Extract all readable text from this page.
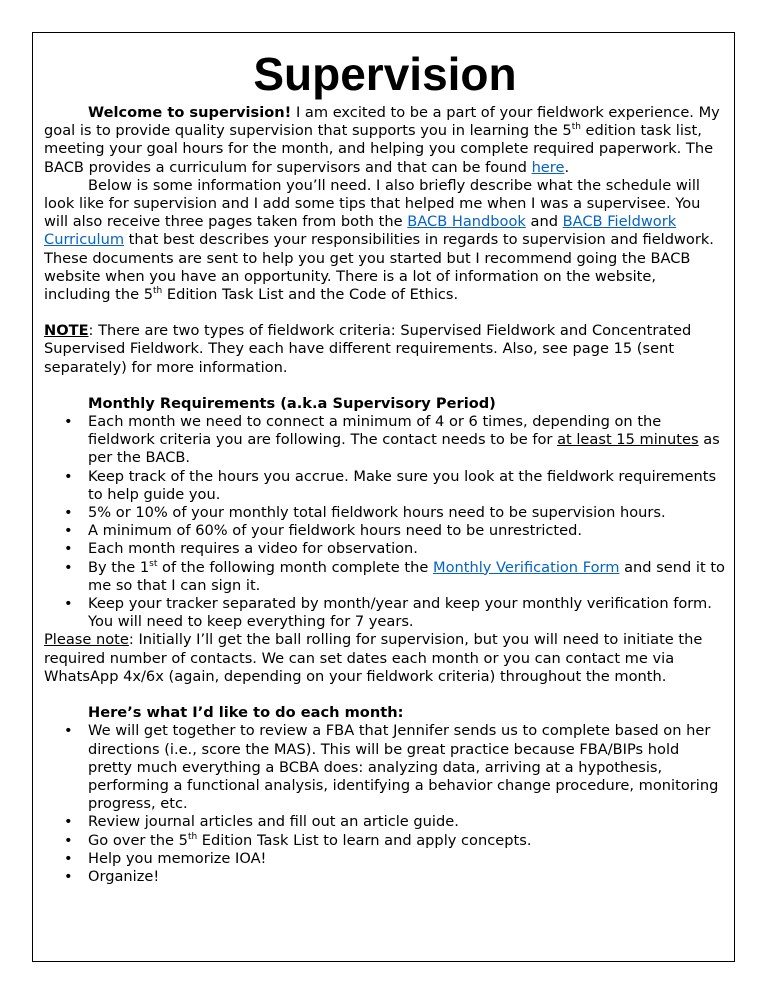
Supervision

Welcome to supervision! I am excited to be a part of your fieldwork experience. My goal is to provide quality supervision that supports you in learning the 5th edition task list, meeting your goal hours for the month, and helping you complete required paperwork. The BACB provides a curriculum for supervisors and that can be found here.

Below is some information you’ll need. I also briefly describe what the schedule will look like for supervision and I add some tips that helped me when I was a supervisee. You will also receive three pages taken from both the BACB Handbook and BACB Fieldwork Curriculum that best describes your responsibilities in regards to supervision and fieldwork. These documents are sent to help you get you started but I recommend going the BACB website when you have an opportunity. There is a lot of information on the website, including the 5th Edition Task List and the Code of Ethics.

NOTE: There are two types of fieldwork criteria: Supervised Fieldwork and Concentrated Supervised Fieldwork. They each have different requirements. Also, see page 15 (sent separately) for more information.

Monthly Requirements (a.k.a Supervisory Period)

• Each month we need to connect a minimum of 4 or 6 times, depending on the fieldwork criteria you are following. The contact needs to be for at least 15 minutes as per the BACB.
• Keep track of the hours you accrue. Make sure you look at the fieldwork requirements to help guide you.
• 5% or 10% of your monthly total fieldwork hours need to be supervision hours.
• A minimum of 60% of your fieldwork hours need to be unrestricted.
• Each month requires a video for observation.
• By the 1st of the following month complete the Monthly Verification Form and send it to me so that I can sign it.
• Keep your tracker separated by month/year and keep your monthly verification form. You will need to keep everything for 7 years.

Please note: Initially I’ll get the ball rolling for supervision, but you will need to initiate the required number of contacts. We can set dates each month or you can contact me via WhatsApp 4x/6x (again, depending on your fieldwork criteria) throughout the month.

Here’s what I’d like to do each month:

• We will get together to review a FBA that Jennifer sends us to complete based on her directions (i.e., score the MAS). This will be great practice because FBA/BIPs hold pretty much everything a BCBA does: analyzing data, arriving at a hypothesis, performing a functional analysis, identifying a behavior change procedure, monitoring progress, etc.
• Review journal articles and fill out an article guide.
• Go over the 5th Edition Task List to learn and apply concepts.
• Help you memorize IOA!
• Organize!
